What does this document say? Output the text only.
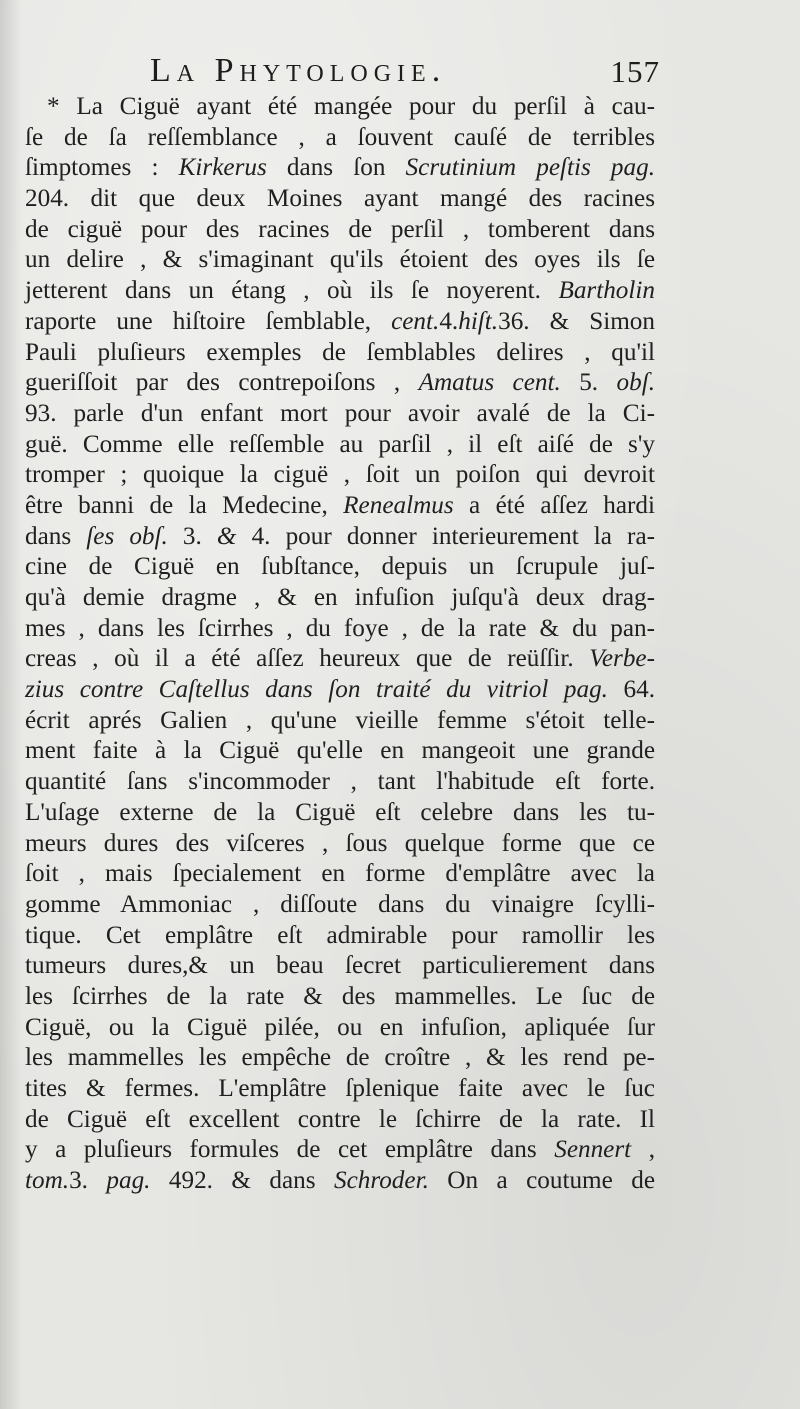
La Phytologie.	157
* La Ciguë ayant été mangée pour du perſil à cau-
ſe de ſa reſſemblance , a ſouvent cauſé de terribles
ſimptomes : Kirkerus dans ſon Scrutinium peſtis pag.
204. dit que deux Moines ayant mangé des racines
de ciguë pour des racines de perſil , tomberent dans
un delire , & s'imaginant qu'ils étoient des oyes ils ſe
jetterent dans un étang , où ils ſe noyerent. Bartholin
raporte une hiſtoire ſemblable, cent.4.hiſt.36. & Simon
Pauli pluſieurs exemples de ſemblables delires , qu'il
gueriſſoit par des contrepoiſons , Amatus cent. 5. obſ.
93. parle d'un enfant mort pour avoir avalé de la Ci-
guë. Comme elle reſſemble au parſil , il eſt aiſé de s'y
tromper ; quoique la ciguë , ſoit un poiſon qui devroit
être banni de la Medecine, Renealmus a été aſſez hardi
dans ſes obſ. 3. & 4. pour donner interieurement la ra-
cine de Ciguë en ſubſtance, depuis un ſcrupule juſ-
qu'à demie dragme , & en infuſion juſqu'à deux drag-
mes , dans les ſcirrhes , du foye , de la rate & du pan-
creas , où il a été aſſez heureux que de reüſſir. Verbe-
zius contre Caſtellus dans ſon traité du vitriol pag. 64.
écrit aprés Galien , qu'une vieille femme s'étoit telle-
ment faite à la Ciguë qu'elle en mangeoit une grande
quantité ſans s'incommoder , tant l'habitude eſt forte.
L'uſage externe de la Ciguë eſt celebre dans les tu-
meurs dures des viſceres , ſous quelque forme que ce
ſoit , mais ſpecialement en forme d'emplâtre avec la
gomme Ammoniac , diſſoute dans du vinaigre ſcylli-
tique. Cet emplâtre eſt admirable pour ramollir les
tumeurs dures,& un beau ſecret particulierement dans
les ſcirrhes de la rate & des mammelles. Le ſuc de
Ciguë, ou la Ciguë pilée, ou en infuſion, apliquée ſur
les mammelles les empêche de croître , & les rend pe-
tites & fermes. L'emplâtre ſplenique faite avec le ſuc
de Ciguë eſt excellent contre le ſchirre de la rate. Il
y a pluſieurs formules de cet emplâtre dans Sennert ,
tom.3. pag. 492. & dans Schroder. On a coutume de
